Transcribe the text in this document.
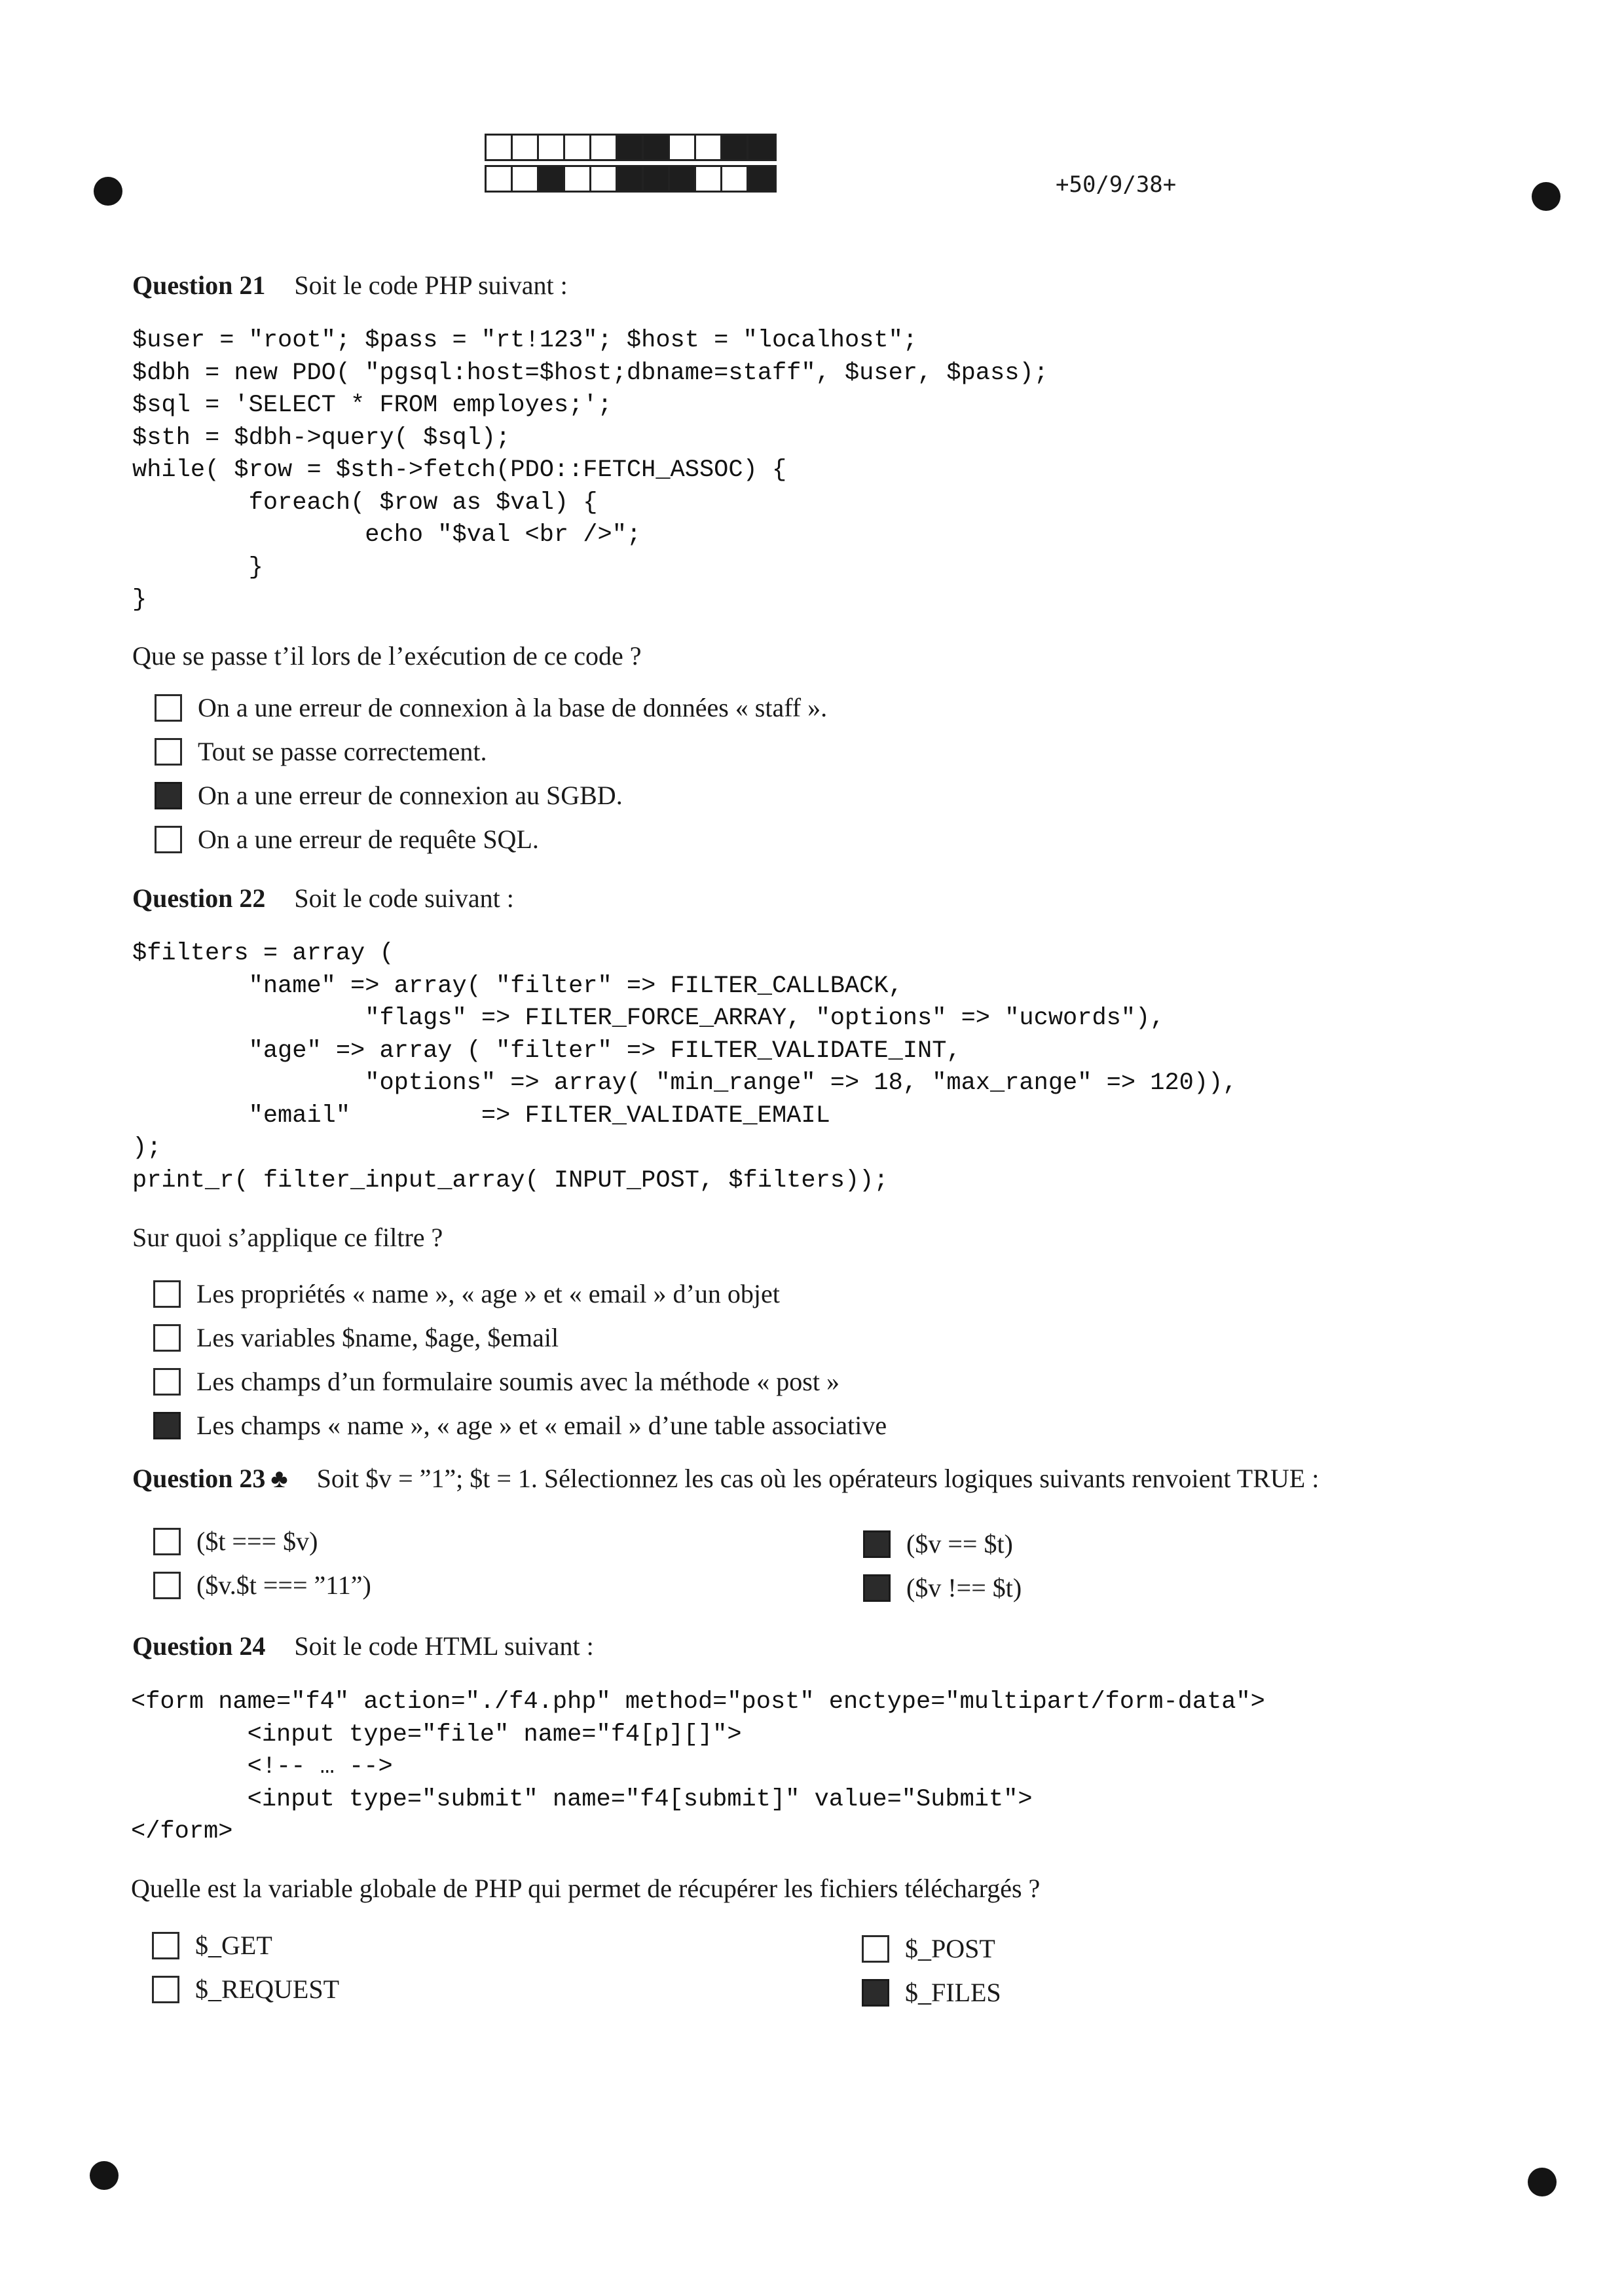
+50/9/38+
Question 21 Soit le code PHP suivant :
$user = "root"; $pass = "rt!123"; $host = "localhost";
$dbh = new PDO( "pgsql:host=$host;dbname=staff", $user, $pass);
$sql = 'SELECT * FROM employes;';
$sth = $dbh->query( $sql);
while( $row = $sth->fetch(PDO::FETCH_ASSOC) {
foreach( $row as $val) {
echo "$val <br />";
}
}
Que se passe t’il lors de l’exécution de ce code ?
On a une erreur de connexion à la base de données « staff ».
Tout se passe correctement.
On a une erreur de connexion au SGBD.
On a une erreur de requête SQL.
Question 22 Soit le code suivant :
$filters = array (
"name" => array( "filter" => FILTER_CALLBACK,
"flags" => FILTER_FORCE_ARRAY, "options" => "ucwords"),
"age" => array ( "filter" => FILTER_VALIDATE_INT,
"options" => array( "min_range" => 18, "max_range" => 120)),
"email"         => FILTER_VALIDATE_EMAIL
);
print_r( filter_input_array( INPUT_POST, $filters));
Sur quoi s’applique ce filtre ?
Les propriétés « name », « age » et « email » d’un objet
Les variables $name, $age, $email
Les champs d’un formulaire soumis avec la méthode « post »
Les champs « name », « age » et « email » d’une table associative
Question 23 ♣ Soit $v = ”1”; $t = 1. Sélectionnez les cas où les opérateurs logiques suivants renvoient TRUE :
($t === $v)
($v.$t === ”11”)
($v == $t)
($v !== $t)
Question 24 Soit le code HTML suivant :
<form name="f4" action="./f4.php" method="post" enctype="multipart/form-data">
<input type="file" name="f4[p][]">
<!-- … -->
<input type="submit" name="f4[submit]" value="Submit">
</form>
Quelle est la variable globale de PHP qui permet de récupérer les fichiers téléchargés ?
$_GET
$_REQUEST
$_POST
$_FILES
